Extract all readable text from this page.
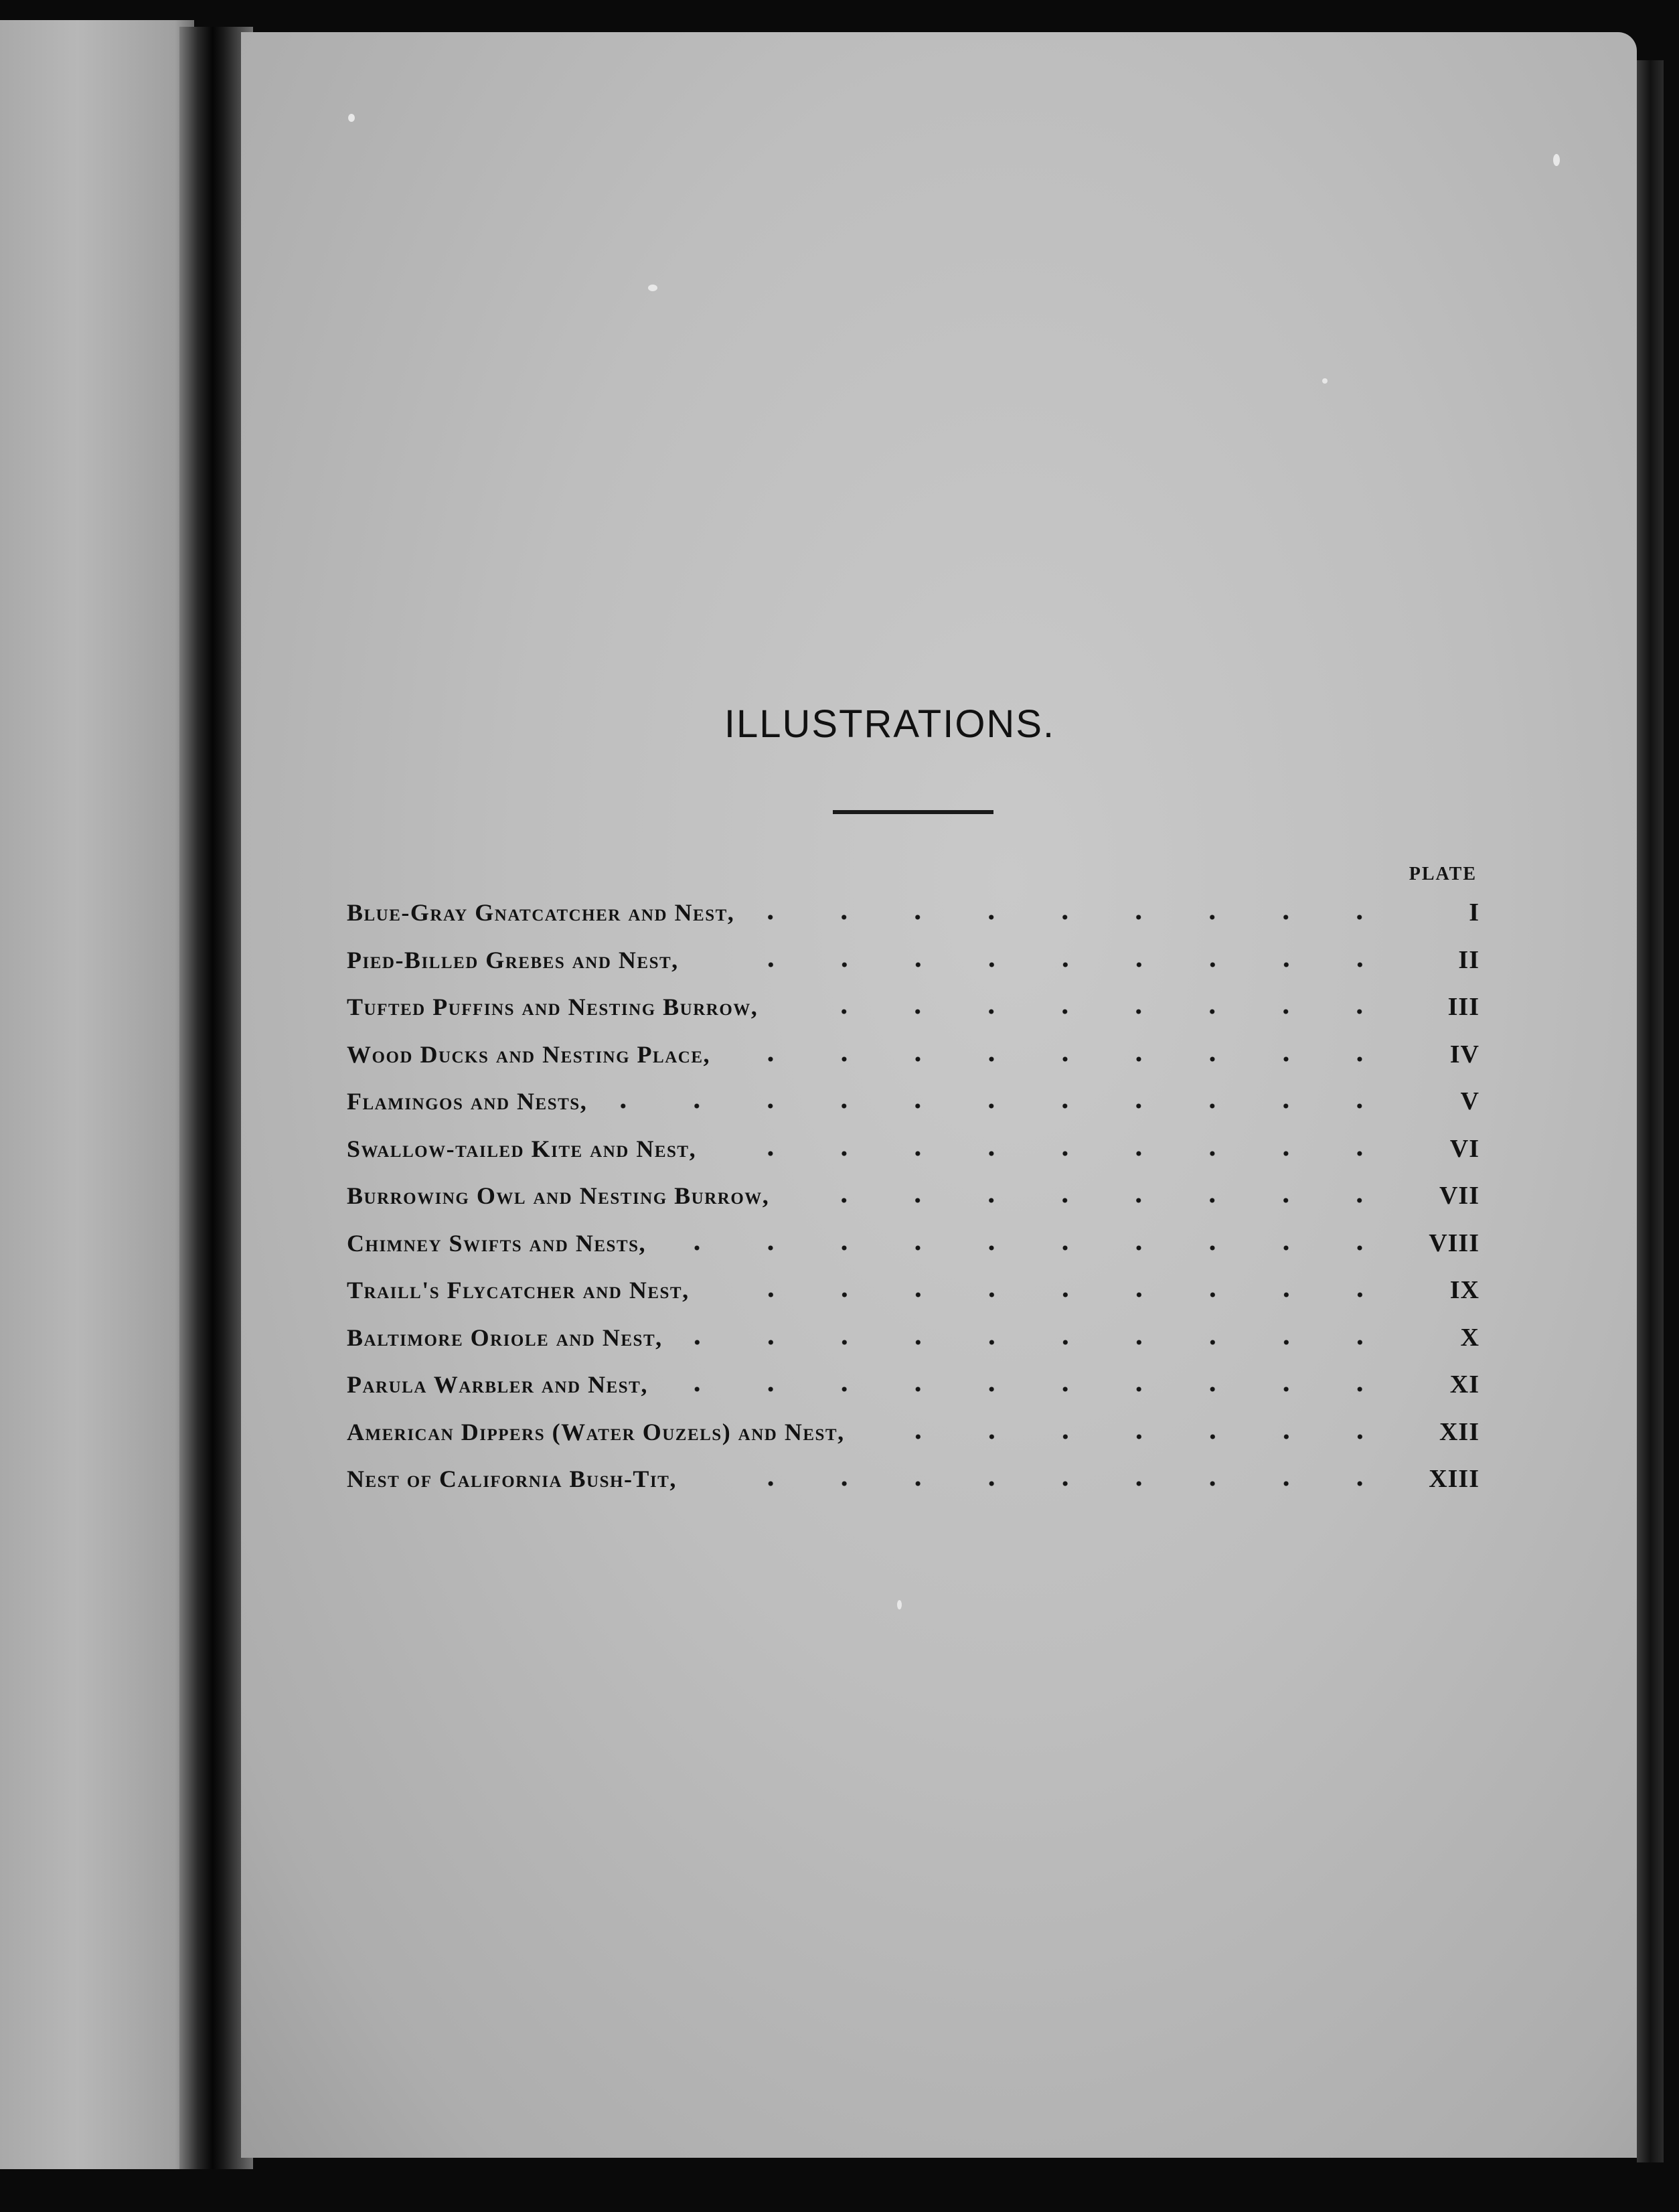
ILLUSTRATIONS.
PLATE
Blue-Gray Gnatcatcher and Nest,	I
Pied-Billed Grebes and Nest,	II
Tufted Puffins and Nesting Burrow,	III
Wood Ducks and Nesting Place,	IV
Flamingos and Nests,	V
Swallow-tailed Kite and Nest,	VI
Burrowing Owl and Nesting Burrow,	VII
Chimney Swifts and Nests,	VIII
Traill's Flycatcher and Nest,	IX
Baltimore Oriole and Nest,	X
Parula Warbler and Nest,	XI
American Dippers (Water Ouzels) and Nest,	XII
Nest of California Bush-Tit,	XIII
